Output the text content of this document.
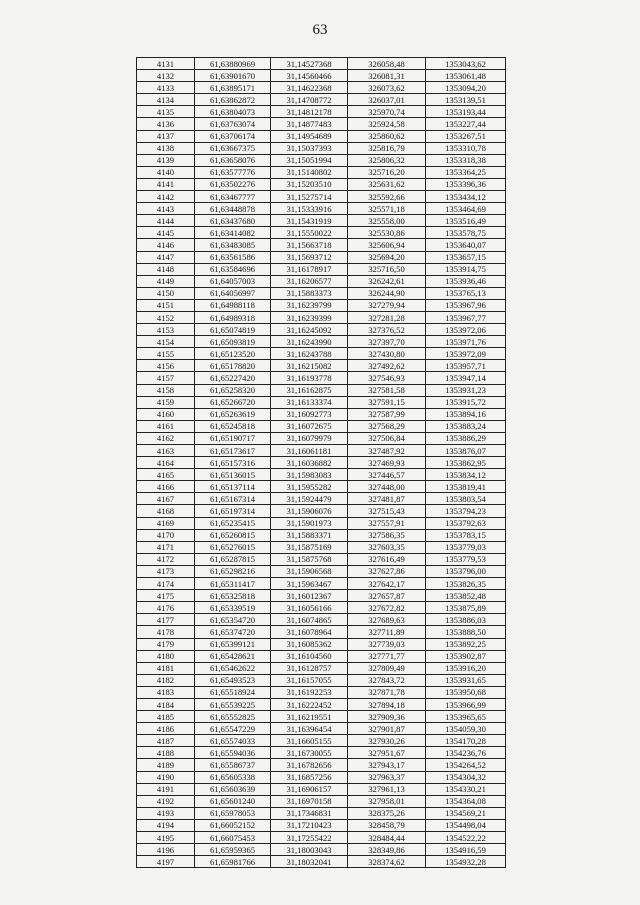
63
4131	61,63880969	31,14527368	326058,48	1353043,62
4132	61,63901670	31,14560466	326081,31	1353061,48
4133	61,63895171	31,14622368	326073,62	1353094,20
4134	61,63862872	31,14708772	326037,01	1353139,51
4135	61,63804073	31,14812178	325970,74	1353193,44
4136	61,63763074	31,14877483	325924,58	1353227,44
4137	61,63706174	31,14954689	325860,62	1353267,51
4138	61,63667375	31,15037393	325816,79	1353310,78
4139	61,63658076	31,15051994	325806,32	1353318,38
4140	61,63577776	31,15140802	325716,20	1353364,25
4141	61,63502276	31,15203510	325631,62	1353396,36
4142	61,63467777	31,15275714	325592,66	1353434,12
4143	61,63448878	31,15333916	325571,18	1353464,69
4144	61,63437680	31,15431919	325558,00	1353516,49
4145	61,63414082	31,15550022	325530,86	1353578,75
4146	61,63483085	31,15663718	325606,94	1353640,07
4147	61,63561586	31,15693712	325694,20	1353657,15
4148	61,63584696	31,16178917	325716,50	1353914,75
4149	61,64057003	31,16206577	326242,61	1353936,46
4150	61,64056997	31,15883373	326244,90	1353765,13
4151	61,64988118	31,16239799	327279,94	1353967,96
4152	61,64989318	31,16239399	327281,28	1353967,77
4153	61,65074819	31,16245092	327376,52	1353972,06
4154	61,65093819	31,16243990	327397,70	1353971,76
4155	61,65123520	31,16243788	327430,80	1353972,09
4156	61,65178820	31,16215082	327492,62	1353957,71
4157	61,65227420	31,16193778	327546,93	1353947,14
4158	61,65258320	31,16162875	327581,58	1353931,23
4159	61,65266720	31,16133374	327591,15	1353915,72
4160	61,65263619	31,16092773	327587,99	1353894,16
4161	61,65245818	31,16072675	327568,29	1353883,24
4162	61,65190717	31,16079979	327506,84	1353886,29
4163	61,65173617	31,16061181	327487,92	1353876,07
4164	61,65157316	31,16036882	327469,93	1353862,95
4165	61,65136015	31,15983083	327446,57	1353834,12
4166	61,65137114	31,15955282	327448,00	1353819,41
4167	61,65167314	31,15924479	327481,87	1353803,54
4168	61,65197314	31,15906076	327515,43	1353794,23
4169	61,65235415	31,15901973	327557,91	1353792,63
4170	61,65260815	31,15883371	327586,35	1353783,15
4171	61,65276015	31,15875169	327603,35	1353779,03
4172	61,65287815	31,15875768	327616,49	1353779,53
4173	61,65298216	31,15906568	327627,86	1353796,00
4174	61,65311417	31,15963467	327642,17	1353826,35
4175	61,65325818	31,16012367	327657,87	1353852,48
4176	61,65339519	31,16056166	327672,82	1353875,89
4177	61,65354720	31,16074865	327689,63	1353886,03
4178	61,65374720	31,16078964	327711,89	1353888,50
4179	61,65399121	31,16085362	327739,03	1353892,25
4180	61,65428621	31,16104560	327771,77	1353902,87
4181	61,65462622	31,16128757	327809,49	1353916,20
4182	61,65493523	31,16157055	327843,72	1353931,65
4183	61,65518924	31,16192253	327871,78	1353950,68
4184	61,65539225	31,16222452	327894,18	1353966,99
4185	61,65552825	31,16219551	327909,36	1353965,65
4186	61,65547229	31,16396454	327901,87	1354059,30
4187	61,65574033	31,16605155	327930,26	1354170,28
4188	61,65594036	31,16730055	327951,67	1354236,76
4189	61,65586737	31,16782656	327943,17	1354264,52
4190	61,65605338	31,16857256	327963,37	1354304,32
4191	61,65603639	31,16906157	327961,13	1354330,21
4192	61,65601240	31,16970158	327958,01	1354364,08
4193	61,65978053	31,17346831	328375,26	1354569,21
4194	61,66052152	31,17210423	328458,79	1354498,04
4195	61,66075453	31,17255422	328484,44	1354522,22
4196	61,65959365	31,18003043	328349,86	1354916,59
4197	61,65981766	31,18032041	328374,62	1354932,28
